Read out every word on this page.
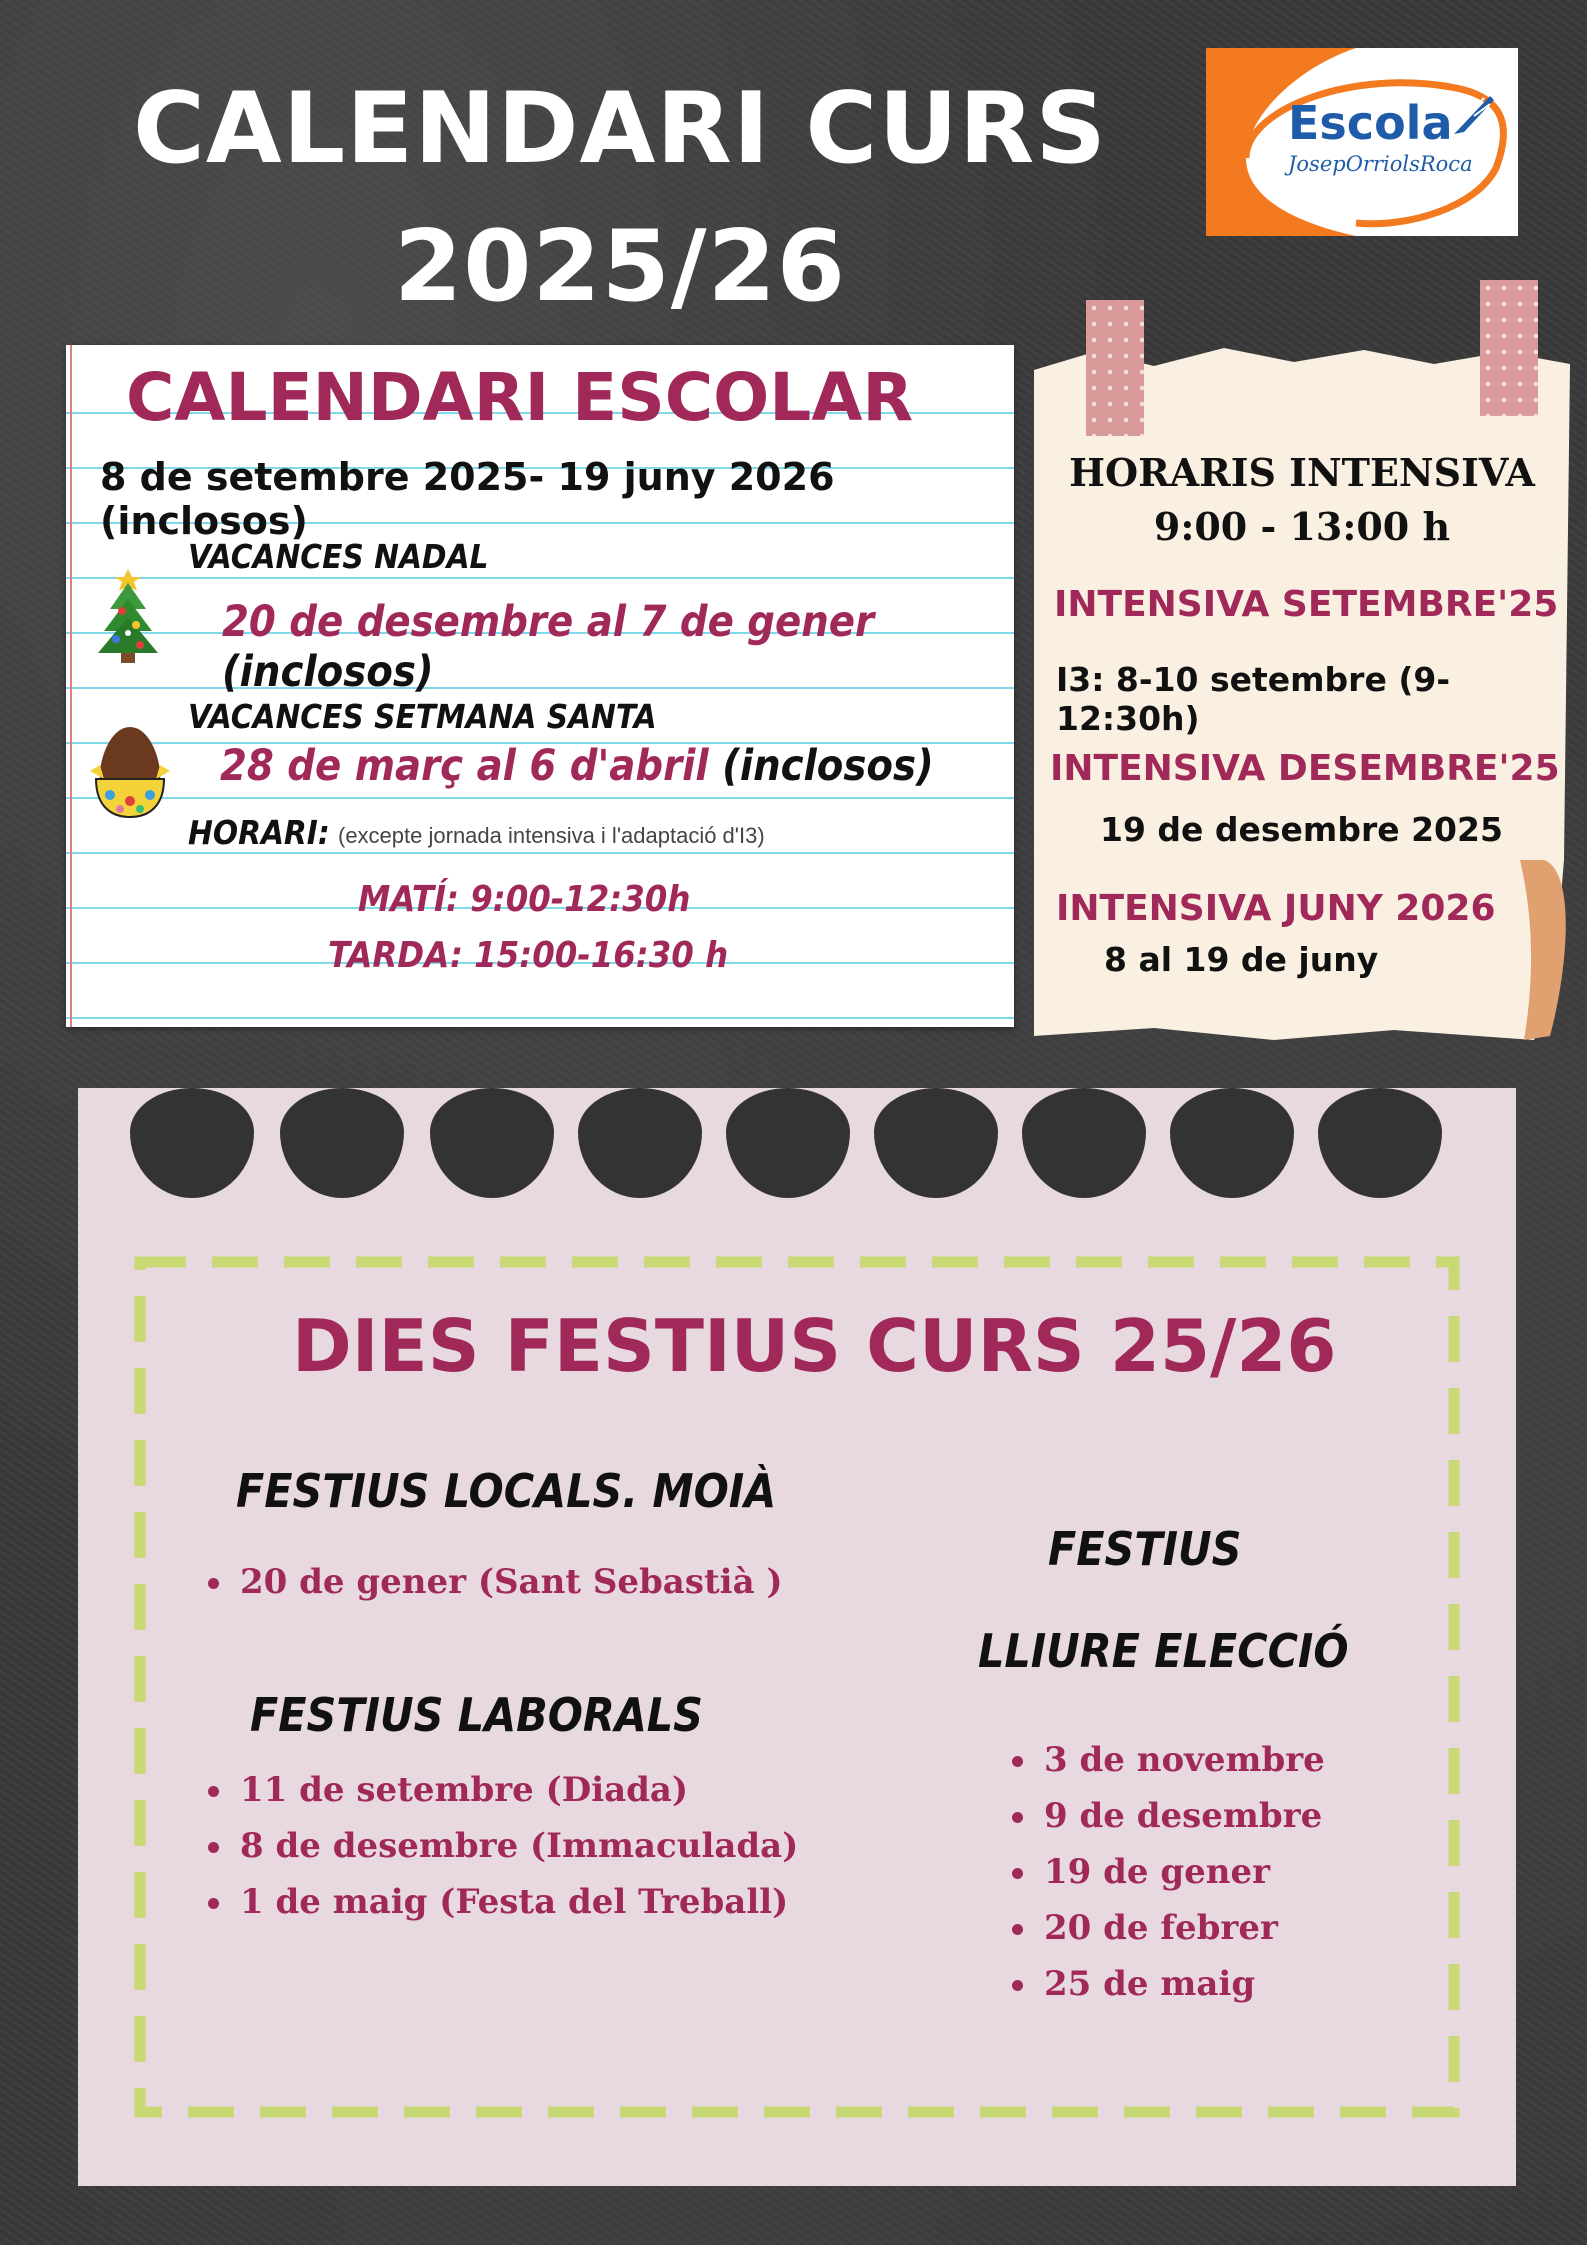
CALENDARI CURS
2025/26
Escola
JosepOrriolsRoca
CALENDARI ESCOLAR
8 de setembre 2025- 19 juny 2026 (inclosos)
VACANCES NADAL
20 de desembre al 7 de gener (inclosos)
VACANCES SETMANA SANTA
28 de març al 6 d'abril (inclosos)
HORARI: (excepte jornada intensiva i l'adaptació d'I3)
MATÍ: 9:00-12:30h
TARDA: 15:00-16:30 h
HORARIS INTENSIVA
9:00 - 13:00 h
INTENSIVA SETEMBRE'25
I3: 8-10 setembre (9-12:30h)
INTENSIVA DESEMBRE'25
19 de desembre 2025
INTENSIVA JUNY 2026
8 al 19 de juny
DIES FESTIUS CURS 25/26
FESTIUS LOCALS. MOIÀ
20 de gener (Sant Sebastià )
FESTIUS LABORALS
11 de setembre (Diada)
8 de desembre (Immaculada)
1 de maig (Festa del Treball)
FESTIUS
LLIURE ELECCIÓ
3 de novembre
9 de desembre
19 de gener
20 de febrer
25 de maig
